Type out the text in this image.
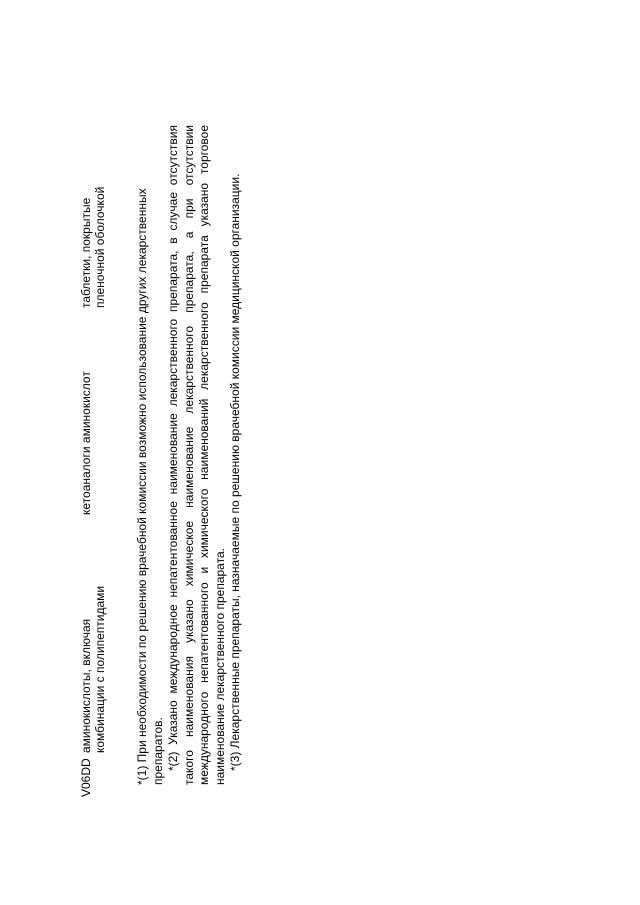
V06DD
аминокислоты, включая комбинации с полипептидами
кетоаналоги аминокислот
таблетки, покрытые пленочной оболочкой *(1) При необходимости по решению врачебной комиссии возможно использование других лекарственных препаратов. *(2) Указано международное непатентованное наименование лекарственного препарата, в случае отсутствия такого наименования указано химическое наименование лекарственного препарата, а при отсутствии международного непатентованного и химического наименований лекарственного препарата указано торговое наименование лекарственного препарата. *(3) Лекарственные препараты, назначаемые по решению врачебной комиссии медицинской организации.
